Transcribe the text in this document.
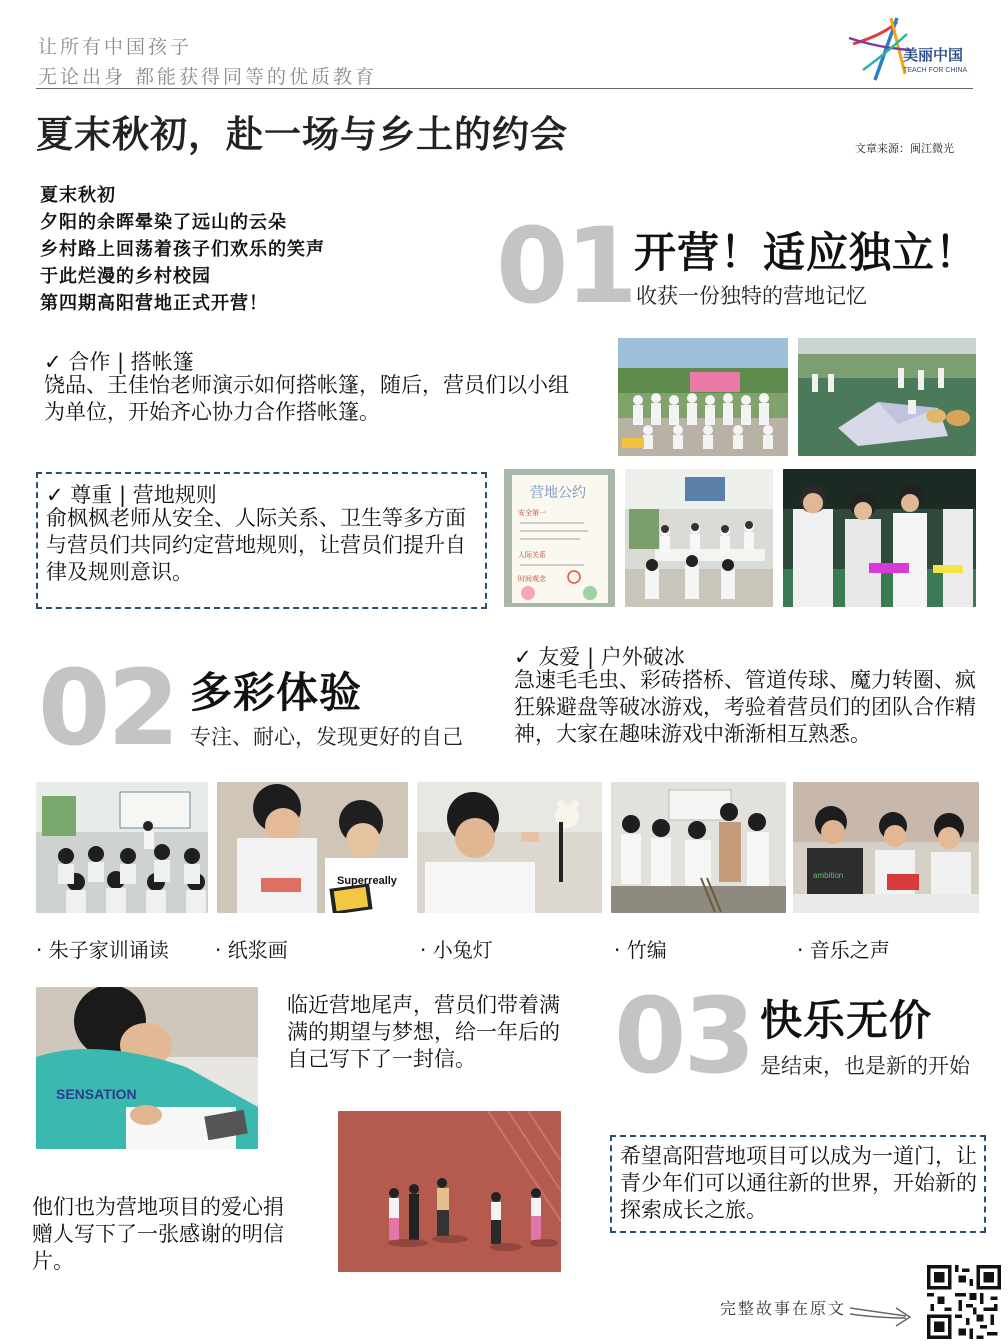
让所有中国孩子
无论出身 都能获得同等的优质教育
美丽中国
TEACH FOR CHINA
夏末秋初，赴一场与乡土的约会	文章来源：闽江微光
夏末秋初
夕阳的余晖晕染了远山的云朵
乡村路上回荡着孩子们欢乐的笑声
于此烂漫的乡村校园
第四期高阳营地正式开营！	01 开营！适应独立！
收获一份独特的营地记忆
✓ 合作 | 搭帐篷
饶品、王佳怡老师演示如何搭帐篷，随后，营员们以小组为单位，开始齐心协力合作搭帐篷。
✓ 尊重 | 营地规则
俞枫枫老师从安全、人际关系、卫生等多方面与营员们共同约定营地规则，让营员们提升自律及规则意识。
营地公约
安全第一
人际关系
时间观念
02 多彩体验
专注、耐心，发现更好的自己
✓ 友爱 | 户外破冰
急速毛毛虫、彩砖搭桥、管道传球、魔力转圈、疯狂躲避盘等破冰游戏，考验着营员们的团队合作精神，大家在趣味游戏中渐渐相互熟悉。
Superreally	ambition
· 朱子家训诵读 · 纸浆画	· 小兔灯	· 竹编	· 音乐之声
SENSATION
临近营地尾声，营员们带着满满的期望与梦想，给一年后的自己写下了一封信。	03 快乐无价
是结束，也是新的开始
他们也为营地项目的爱心捐赠人写下了一张感谢的明信片。
希望高阳营地项目可以成为一道门，让青少年们可以通往新的世界，开始新的探索成长之旅。
完整故事在原文
